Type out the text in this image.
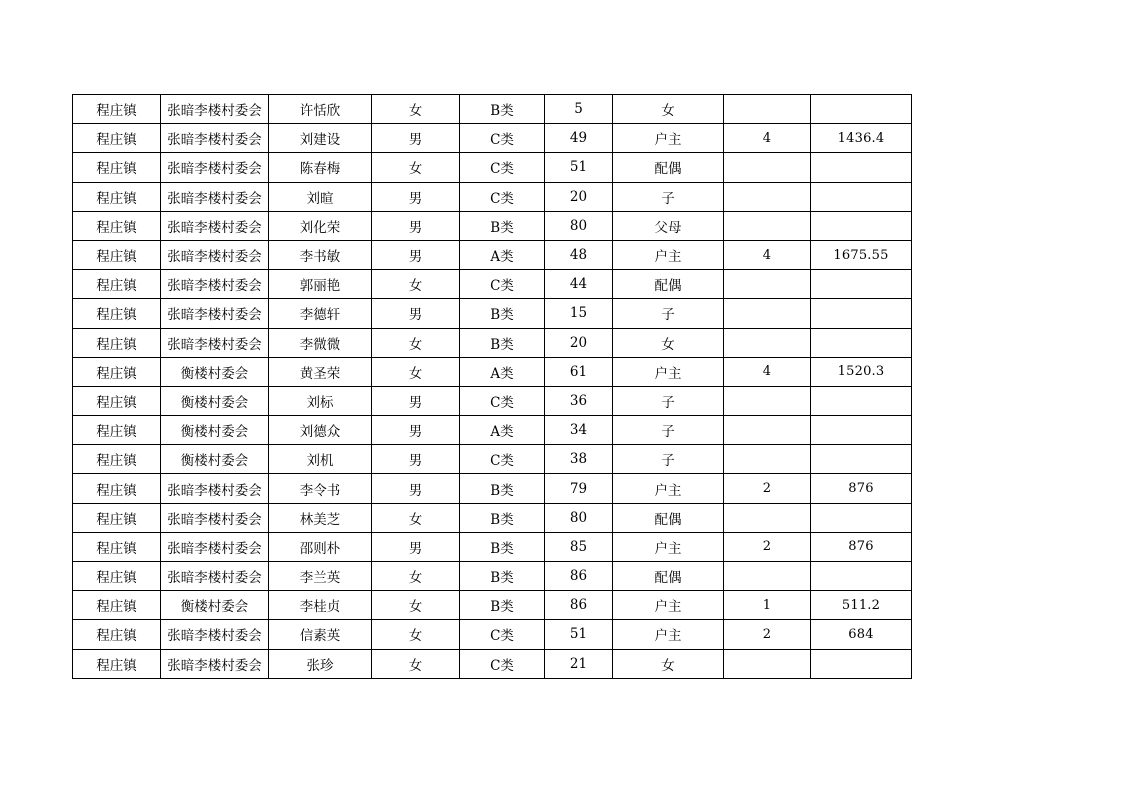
程庄镇	张暗李楼村委会	许恬欣	女	B类	5	女		
程庄镇	张暗李楼村委会	刘建设	男	C类	49	户主	4	1436.4
程庄镇	张暗李楼村委会	陈春梅	女	C类	51	配偶		
程庄镇	张暗李楼村委会	刘暄	男	C类	20	子		
程庄镇	张暗李楼村委会	刘化荣	男	B类	80	父母		
程庄镇	张暗李楼村委会	李书敏	男	A类	48	户主	4	1675.55
程庄镇	张暗李楼村委会	郭丽艳	女	C类	44	配偶		
程庄镇	张暗李楼村委会	李德轩	男	B类	15	子		
程庄镇	张暗李楼村委会	李微微	女	B类	20	女		
程庄镇	衡楼村委会	黄圣荣	女	A类	61	户主	4	1520.3
程庄镇	衡楼村委会	刘标	男	C类	36	子		
程庄镇	衡楼村委会	刘德众	男	A类	34	子		
程庄镇	衡楼村委会	刘机	男	C类	38	子		
程庄镇	张暗李楼村委会	李令书	男	B类	79	户主	2	876
程庄镇	张暗李楼村委会	林美芝	女	B类	80	配偶		
程庄镇	张暗李楼村委会	邵则朴	男	B类	85	户主	2	876
程庄镇	张暗李楼村委会	李兰英	女	B类	86	配偶		
程庄镇	衡楼村委会	李桂贞	女	B类	86	户主	1	511.2
程庄镇	张暗李楼村委会	信素英	女	C类	51	户主	2	684
程庄镇	张暗李楼村委会	张珍	女	C类	21	女		
